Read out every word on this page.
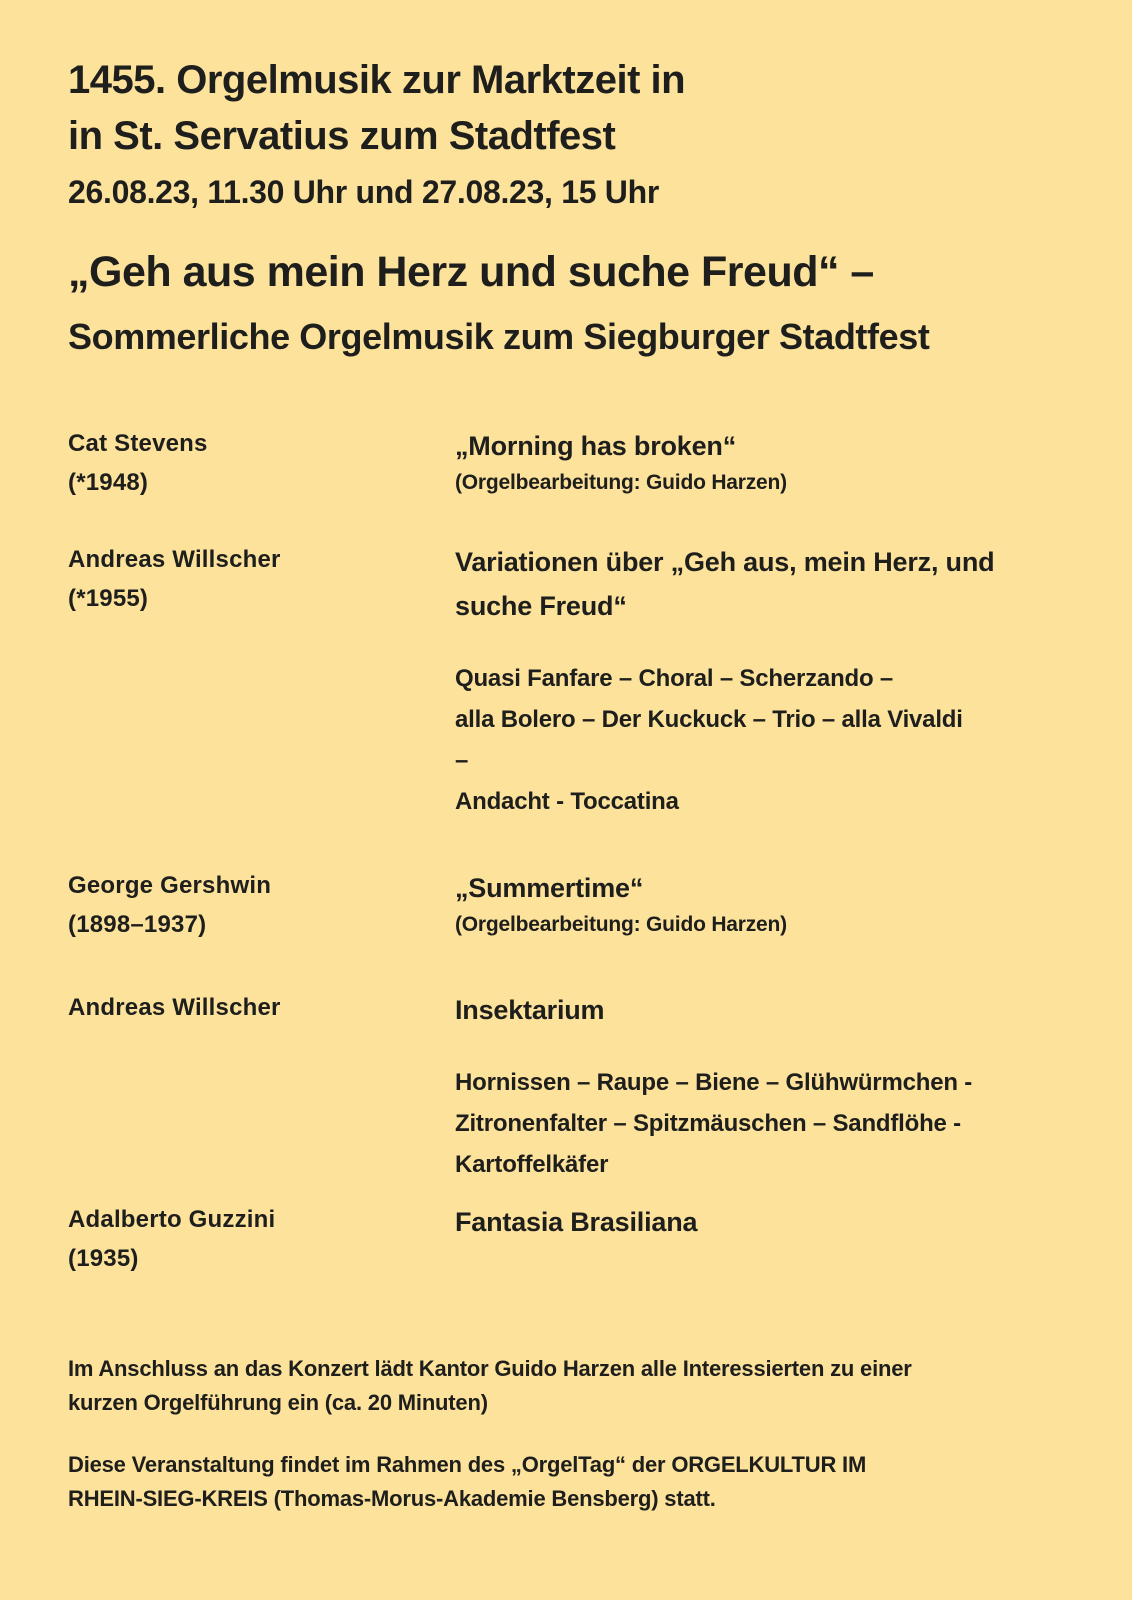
1455. Orgelmusik zur Marktzeit in
in St. Servatius zum Stadtfest
26.08.23, 11.30 Uhr und 27.08.23, 15 Uhr
„Geh aus mein Herz und suche Freud“ –
Sommerliche Orgelmusik zum Siegburger Stadtfest
Cat Stevens
(*1948)
„Morning has broken“
(Orgelbearbeitung: Guido Harzen)
Andreas Willscher
(*1955)
Variationen über „Geh aus, mein Herz, und
suche Freud“
Quasi Fanfare – Choral – Scherzando –
alla Bolero – Der Kuckuck – Trio – alla Vivaldi
–
Andacht - Toccatina
George Gershwin
(1898–1937)
„Summertime“
(Orgelbearbeitung: Guido Harzen)
Andreas Willscher	Insektarium
Hornissen – Raupe – Biene – Glühwürmchen -
Zitronenfalter – Spitzmäuschen – Sandflöhe -
Kartoffelkäfer
Adalberto Guzzini
(1935)
Fantasia Brasiliana
Im Anschluss an das Konzert lädt Kantor Guido Harzen alle Interessierten zu einer
kurzen Orgelführung ein (ca. 20 Minuten)
Diese Veranstaltung findet im Rahmen des „OrgelTag“ der ORGELKULTUR IM
RHEIN-SIEG-KREIS (Thomas-Morus-Akademie Bensberg) statt.
